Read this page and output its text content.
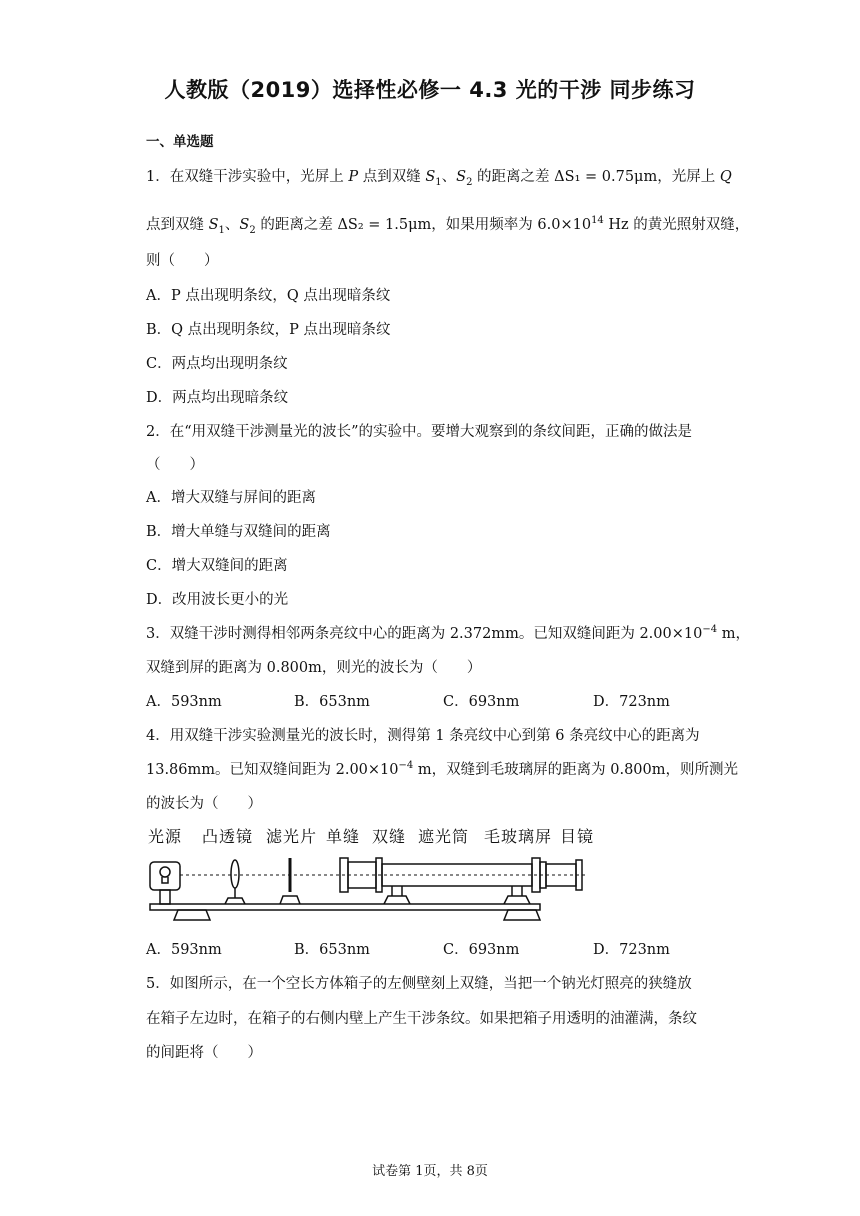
人教版（2019）选择性必修一 4.3 光的干涉 同步练习
一、单选题
1．在双缝干涉实验中，光屏上 P 点到双缝 $S_1$、$S_2$ 的距离之差 ΔS₁ = 0.75μm，光屏上 Q
点到双缝 $S_1$、$S_2$ 的距离之差 ΔS₂ = 1.5μm，如果用频率为 $6.0\times 10^{14}$ Hz 的黄光照射双缝，
则（　　）
A．P 点出现明条纹，Q 点出现暗条纹
B．Q 点出现明条纹，P 点出现暗条纹
C．两点均出现明条纹
D．两点均出现暗条纹
2．在“用双缝干涉测量光的波长”的实验中。要增大观察到的条纹间距，正确的做法是
（　　）
A．增大双缝与屏间的距离
B．增大单缝与双缝间的距离
C．增大双缝间的距离
D．改用波长更小的光
3．双缝干涉时测得相邻两条亮纹中心的距离为 2.372mm。已知双缝间距为 $2.00\times 10^{-4}$ m，
双缝到屏的距离为 0.800m，则光的波长为（　　）
A．593nm	B．653nm	C．693nm	D．723nm
4．用双缝干涉实验测量光的波长时，测得第 1 条亮纹中心到第 6 条亮纹中心的距离为
13.86mm。已知双缝间距为 $2.00\times 10^{-4}$ m，双缝到毛玻璃屏的距离为 0.800m，则所测光
的波长为（　　）
光源 凸透镜 滤光片 单缝 双缝 遮光筒 毛玻璃屏 目镜
A．593nm	B．653nm	C．693nm	D．723nm
5．如图所示，在一个空长方体箱子的左侧壁刻上双缝，当把一个钠光灯照亮的狭缝放
在箱子左边时，在箱子的右侧内壁上产生干涉条纹。如果把箱子用透明的油灌满，条纹
的间距将（　　）
试卷第 1页，共 8页
